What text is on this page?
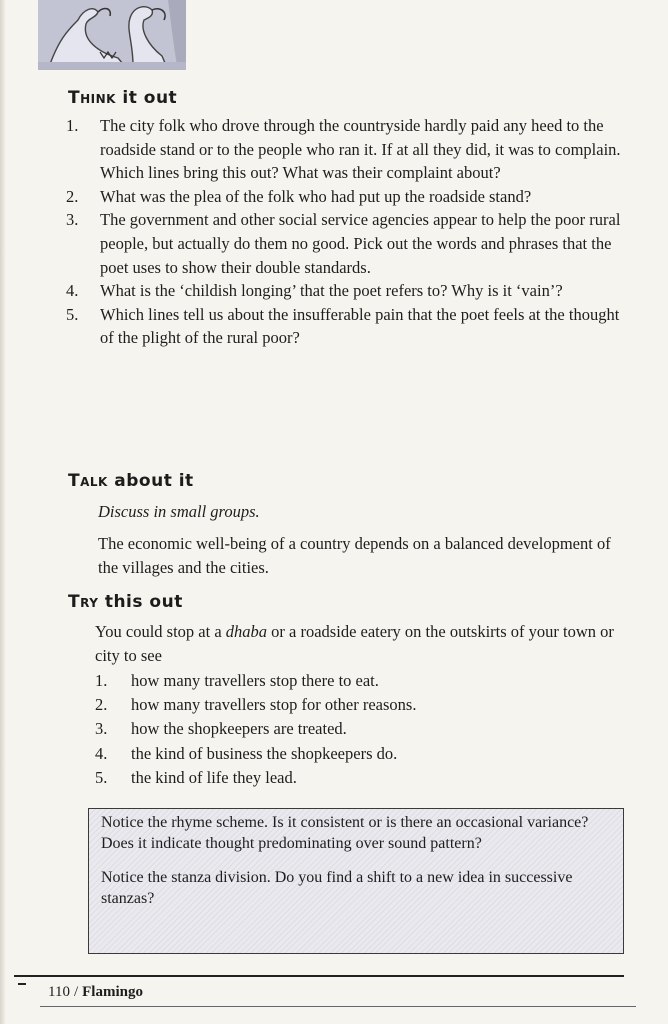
THINK it out
1. The city folk who drove through the countryside hardly paid any heed to the roadside stand or to the people who ran it. If at all they did, it was to complain. Which lines bring this out? What was their complaint about?
2. What was the plea of the folk who had put up the roadside stand?
3. The government and other social service agencies appear to help the poor rural people, but actually do them no good. Pick out the words and phrases that the poet uses to show their double standards.
4. What is the ‘childish longing’ that the poet refers to? Why is it ‘vain’?
5. Which lines tell us about the insufferable pain that the poet feels at the thought of the plight of the rural poor?
TALK about it
Discuss in small groups.
The economic well-being of a country depends on a balanced development of the villages and the cities.
TRY this out
You could stop at a dhaba or a roadside eatery on the outskirts of your town or city to see
1. how many travellers stop there to eat.
2. how many travellers stop for other reasons.
3. how the shopkeepers are treated.
4. the kind of business the shopkeepers do.
5. the kind of life they lead.

Notice the rhyme scheme. Is it consistent or is there an occasional variance? Does it indicate thought predominating over sound pattern?

Notice the stanza division. Do you find a shift to a new idea in successive stanzas?

110 / Flamingo
